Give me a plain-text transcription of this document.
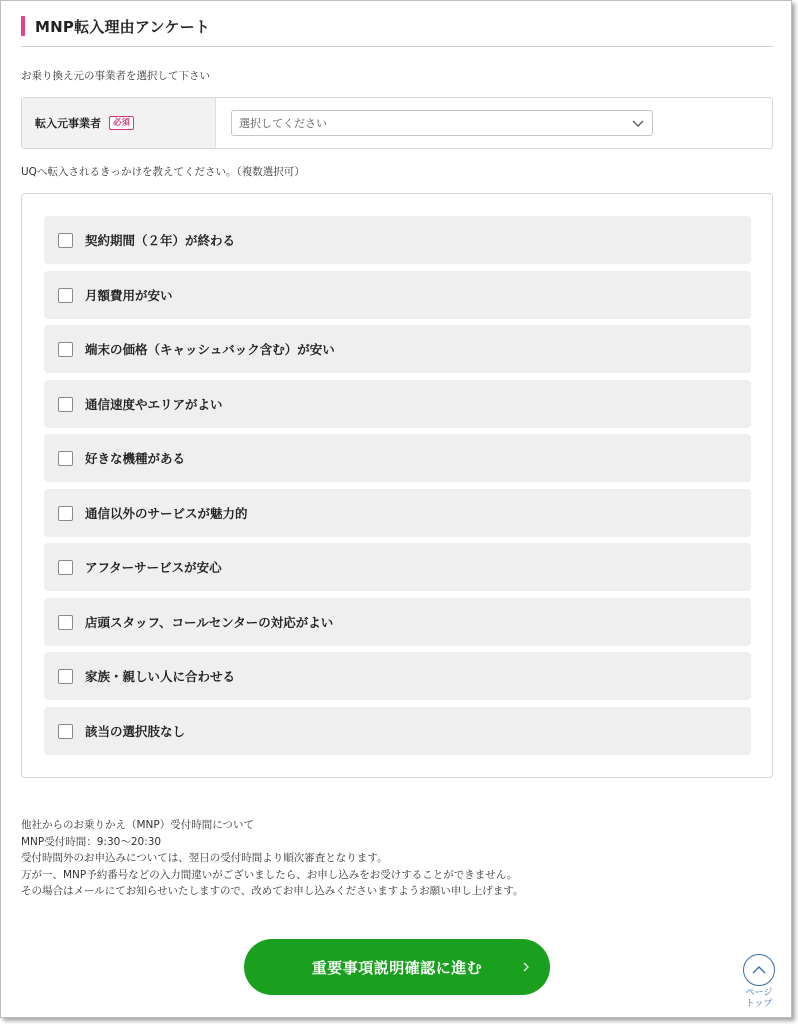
MNP転入理由アンケート
お乗り換え元の事業者を選択して下さい
転入元事業者	必須	選択してください
UQへ転入されるきっかけを教えてください。（複数選択可）
契約期間（２年）が終わる
月額費用が安い
端末の価格（キャッシュバック含む）が安い
通信速度やエリアがよい
好きな機種がある
通信以外のサービスが魅力的
アフターサービスが安心
店頭スタッフ、コールセンターの対応がよい
家族・親しい人に合わせる
該当の選択肢なし
他社からのお乗りかえ（MNP）受付時間について
MNP受付時間：9:30〜20:30
受付時間外のお申込みについては、翌日の受付時間より順次審査となります。
万が一、MNP予約番号などの入力間違いがございましたら、お申し込みをお受けすることができません。
その場合はメールにてお知らせいたしますので、改めてお申し込みくださいますようお願い申し上げます。
重要事項説明確認に進む
ページ
トップ
